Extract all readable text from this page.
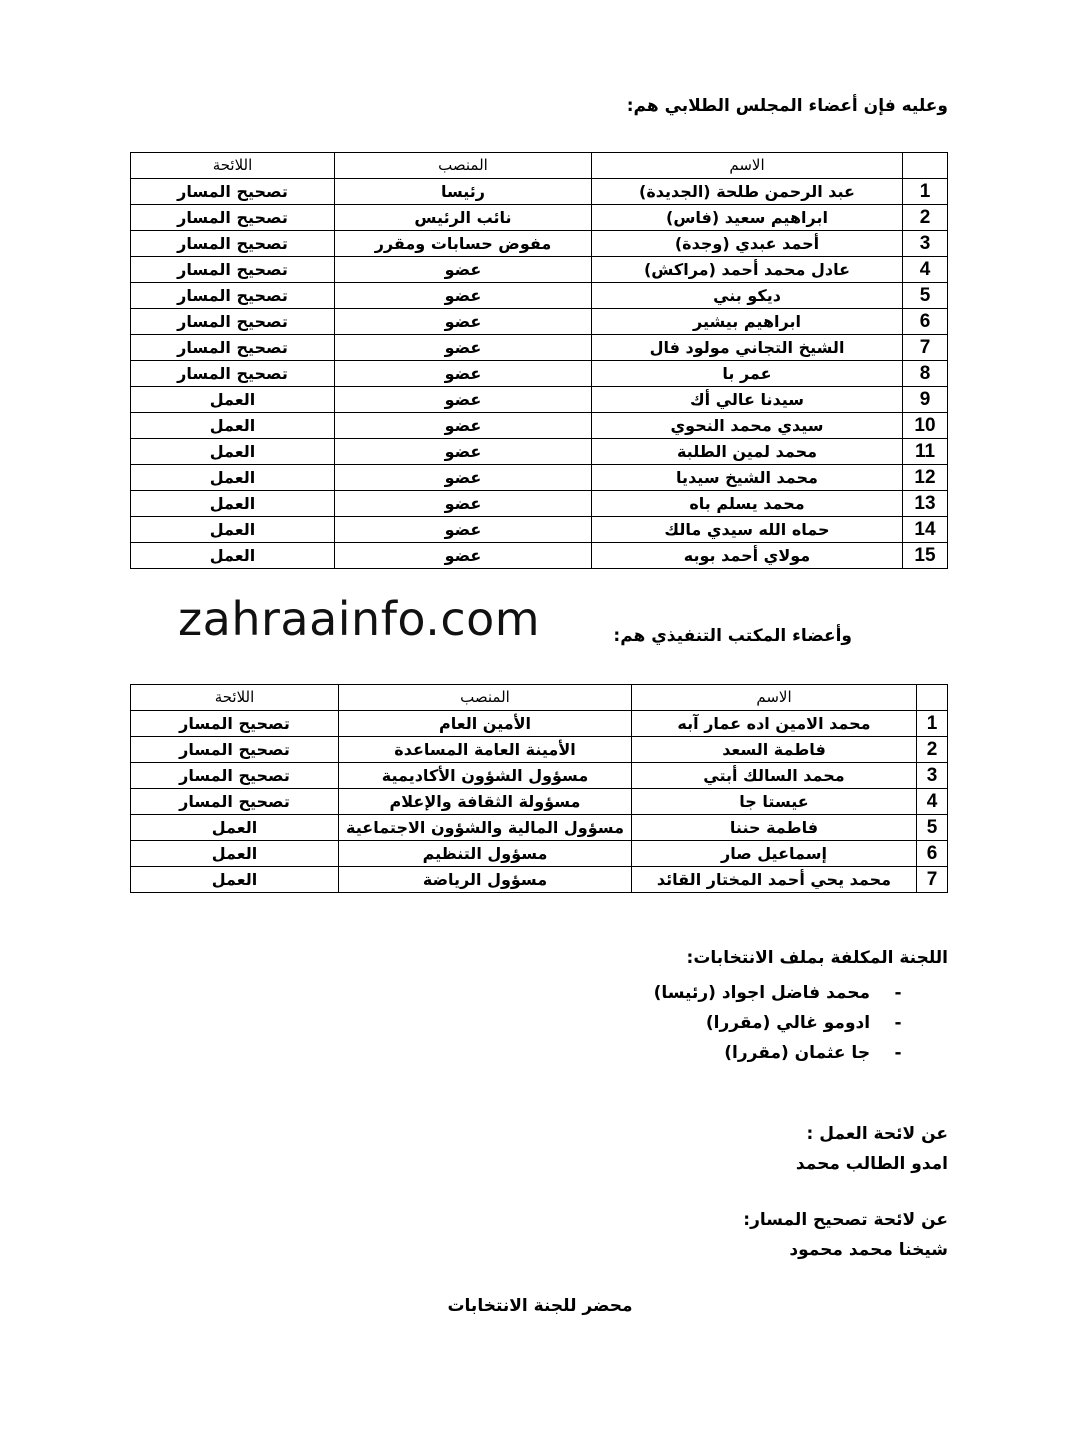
وعليه فإن أعضاء المجلس الطلابي هم:
	الاسم	المنصب	اللائحة
1	عبد الرحمن طلحة (الجديدة)	رئيسا	تصحيح المسار
2	ابراهيم سعيد (فاس)	نائب الرئيس	تصحيح المسار
3	أحمد عبدي (وجدة)	مفوض حسابات ومقرر	تصحيح المسار
4	عادل محمد أحمد (مراكش)	عضو	تصحيح المسار
5	ديكو بني	عضو	تصحيح المسار
6	ابراهيم بيشير	عضو	تصحيح المسار
7	الشيخ التجاني مولود فال	عضو	تصحيح المسار
8	عمر با	عضو	تصحيح المسار
9	سيدنا عالي أك	عضو	العمل
10	سيدي محمد النحوي	عضو	العمل
11	محمد لمين الطلبة	عضو	العمل
12	محمد الشيخ سيديا	عضو	العمل
13	محمد يسلم باه	عضو	العمل
14	حماه الله سيدي مالك	عضو	العمل
15	مولاي أحمد بوبه	عضو	العمل
zahraainfo.com	وأعضاء المكتب التنفيذي هم:
	الاسم	المنصب	اللائحة
1	محمد الامين اده عمار آبه	الأمين العام	تصحيح المسار
2	فاطمة السعد	الأمينة العامة المساعدة	تصحيح المسار
3	محمد السالك أبتي	مسؤول الشؤون الأكاديمية	تصحيح المسار
4	عيستا جا	مسؤولة الثقافة والإعلام	تصحيح المسار
5	فاطمة حننا	مسؤول المالية والشؤون الاجتماعية	العمل
6	إسماعيل صار	مسؤول التنظيم	العمل
7	محمد يحي أحمد المختار القائد	مسؤول الرياضة	العمل
اللجنة المكلفة بملف الانتخابات:
- محمد فاضل اجواد (رئيسا)
- ادومو غالي (مقررا)
- جا عثمان (مقررا)
عن لائحة العمل :
امدو الطالب محمد
عن لائحة تصحيح المسار:
شيخنا محمد محمود
محضر للجنة الانتخابات
